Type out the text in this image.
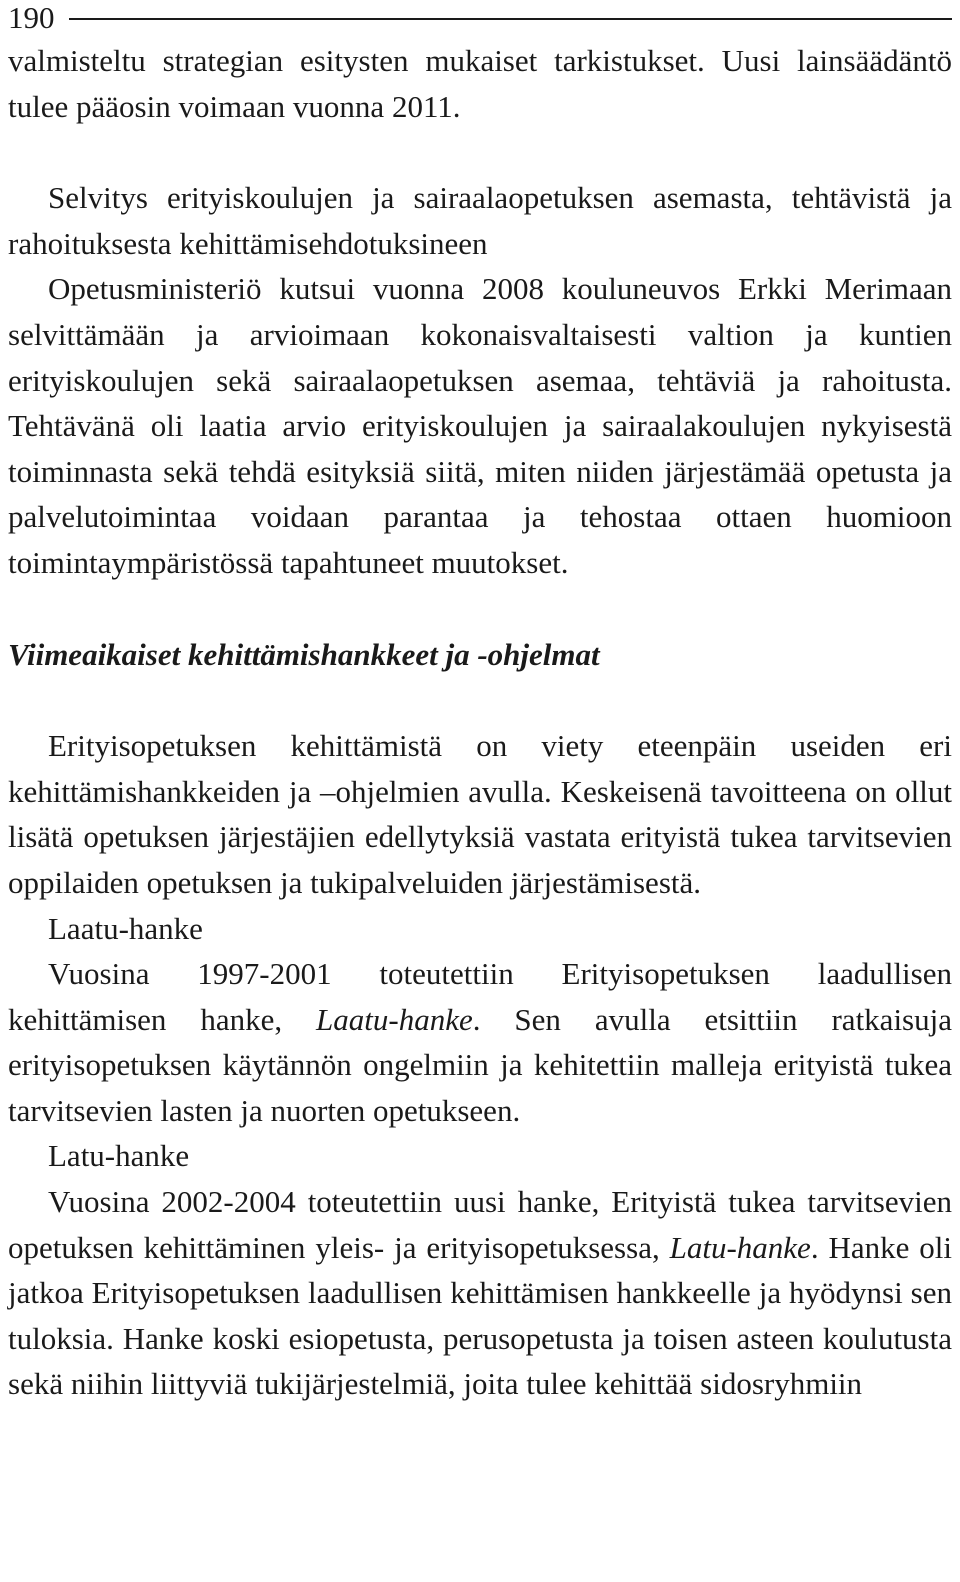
190

valmisteltu strategian esitysten mukaiset tarkistukset. Uusi lainsäädäntö tulee pääosin voimaan vuonna 2011.

Selvitys erityiskoulujen ja sairaalaopetuksen asemasta, tehtävistä ja rahoituksesta kehittämisehdotuksineen

Opetusministeriö kutsui vuonna 2008 kouluneuvos Erkki Merimaan selvittämään ja arvioimaan kokonaisvaltaisesti valtion ja kuntien erityiskoulujen sekä sairaalaopetuksen asemaa, tehtäviä ja rahoitusta. Tehtävänä oli laatia arvio erityiskoulujen ja sairaalakoulujen nykyisestä toiminnasta sekä tehdä esityksiä siitä, miten niiden järjestämää opetusta ja palvelutoimintaa voidaan parantaa ja tehostaa ottaen huomioon toimintaympäristössä tapahtuneet muutokset.

Viimeaikaiset kehittämishankkeet ja -ohjelmat

Erityisopetuksen kehittämistä on viety eteenpäin useiden eri kehittämishankkeiden ja –ohjelmien avulla. Keskeisenä tavoitteena on ollut lisätä opetuksen järjestäjien edellytyksiä vastata erityistä tukea tarvitsevien oppilaiden opetuksen ja tukipalveluiden järjestämisestä.

Laatu-hanke

Vuosina 1997-2001 toteutettiin Erityisopetuksen laadullisen kehittämisen hanke, Laatu-hanke. Sen avulla etsittiin ratkaisuja erityisopetuksen käytännön ongelmiin ja kehitettiin malleja erityistä tukea tarvitsevien lasten ja nuorten opetukseen.

Latu-hanke

Vuosina 2002-2004 toteutettiin uusi hanke, Erityistä tukea tarvitsevien opetuksen kehittäminen yleis- ja erityisopetuksessa, Latu-hanke. Hanke oli jatkoa Erityisopetuksen laadullisen kehittämisen hankkeelle ja hyödynsi sen tuloksia. Hanke koski esiopetusta, perusopetusta ja toisen asteen koulutusta sekä niihin liittyviä tukijärjestelmiä, joita tulee kehittää sidosryhmiin
